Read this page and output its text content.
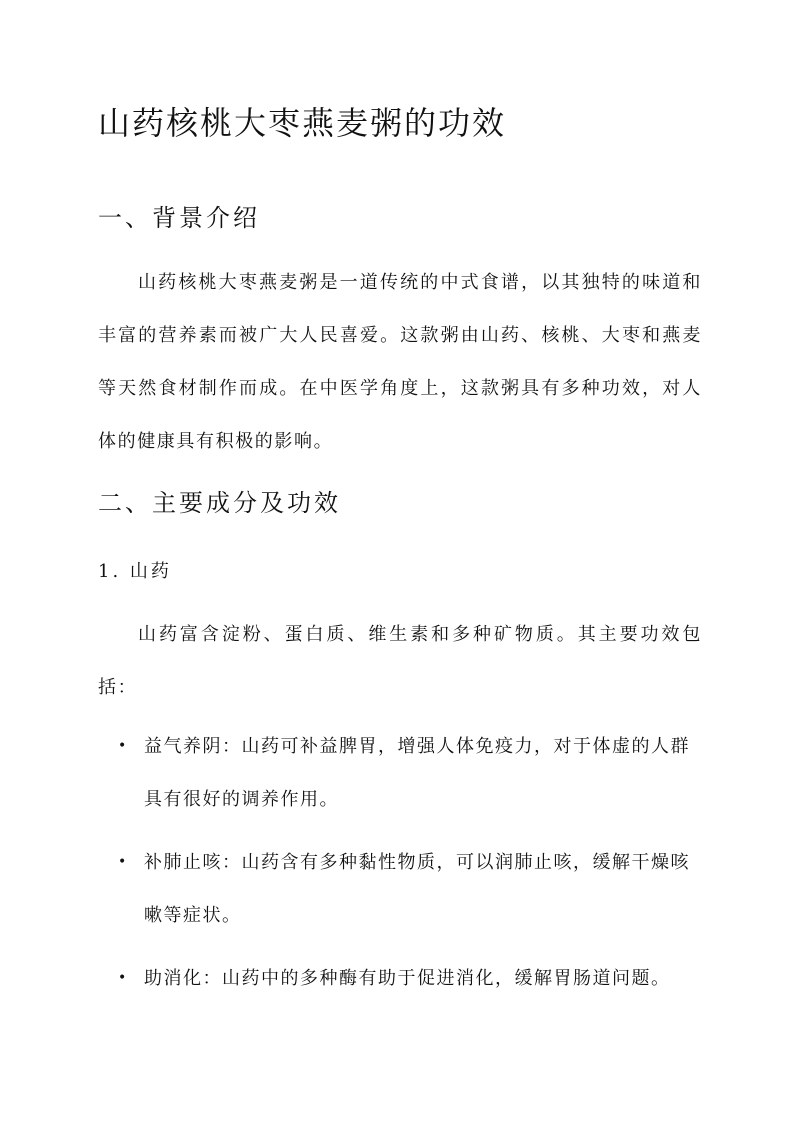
山药核桃大枣燕麦粥的功效
一、背景介绍

山药核桃大枣燕麦粥是一道传统的中式食谱，以其独特的味道和丰富的营养素而被广大人民喜爱。这款粥由山药、核桃、大枣和燕麦等天然食材制作而成。在中医学角度上，这款粥具有多种功效，对人体的健康具有积极的影响。

二、主要成分及功效
1. 山药

山药富含淀粉、蛋白质、维生素和多种矿物质。其主要功效包括：

• 益气养阴：山药可补益脾胃，增强人体免疫力，对于体虚的人群具有很好的调养作用。
• 补肺止咳：山药含有多种黏性物质，可以润肺止咳，缓解干燥咳嗽等症状。
• 助消化：山药中的多种酶有助于促进消化，缓解胃肠道问题。
